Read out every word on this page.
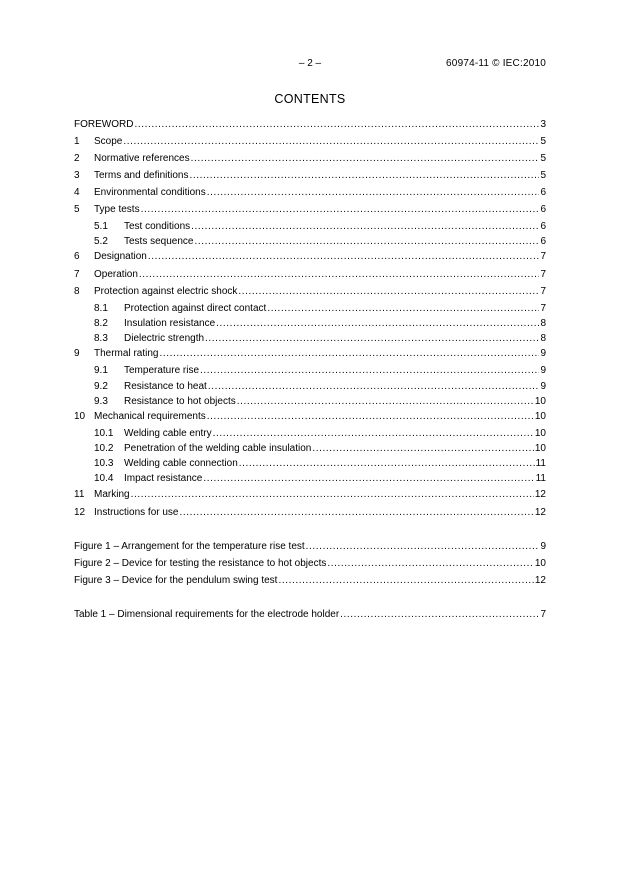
– 2 –	60974-11 © IEC:2010
CONTENTS
FOREWORD .....	3
1	Scope .....	5
2	Normative references .....	5
3	Terms and definitions .....	5
4	Environmental conditions .....	6
5	Type tests .....	6
5.1	Test conditions .....	6
5.2	Tests sequence .....	6
6	Designation .....	7
7	Operation .....	7
8	Protection against electric shock .....	7
8.1	Protection against direct contact .....	7
8.2	Insulation resistance .....	8
8.3	Dielectric strength .....	8
9	Thermal rating .....	9
9.1	Temperature rise .....	9
9.2	Resistance to heat .....	9
9.3	Resistance to hot objects .....	10
10 Mechanical requirements .....	10
10.1	Welding cable entry .....	10
10.2	Penetration of the welding cable insulation .....	10
10.3	Welding cable connection .....	11
10.4	Impact resistance .....	11
11 Marking .....	12
12 Instructions for use .....	12
Figure 1 – Arrangement for the temperature rise test .....	9
Figure 2 – Device for testing the resistance to hot objects .....	10
Figure 3 – Device for the pendulum swing test .....	12
Table 1 – Dimensional requirements for the electrode holder .....	7
